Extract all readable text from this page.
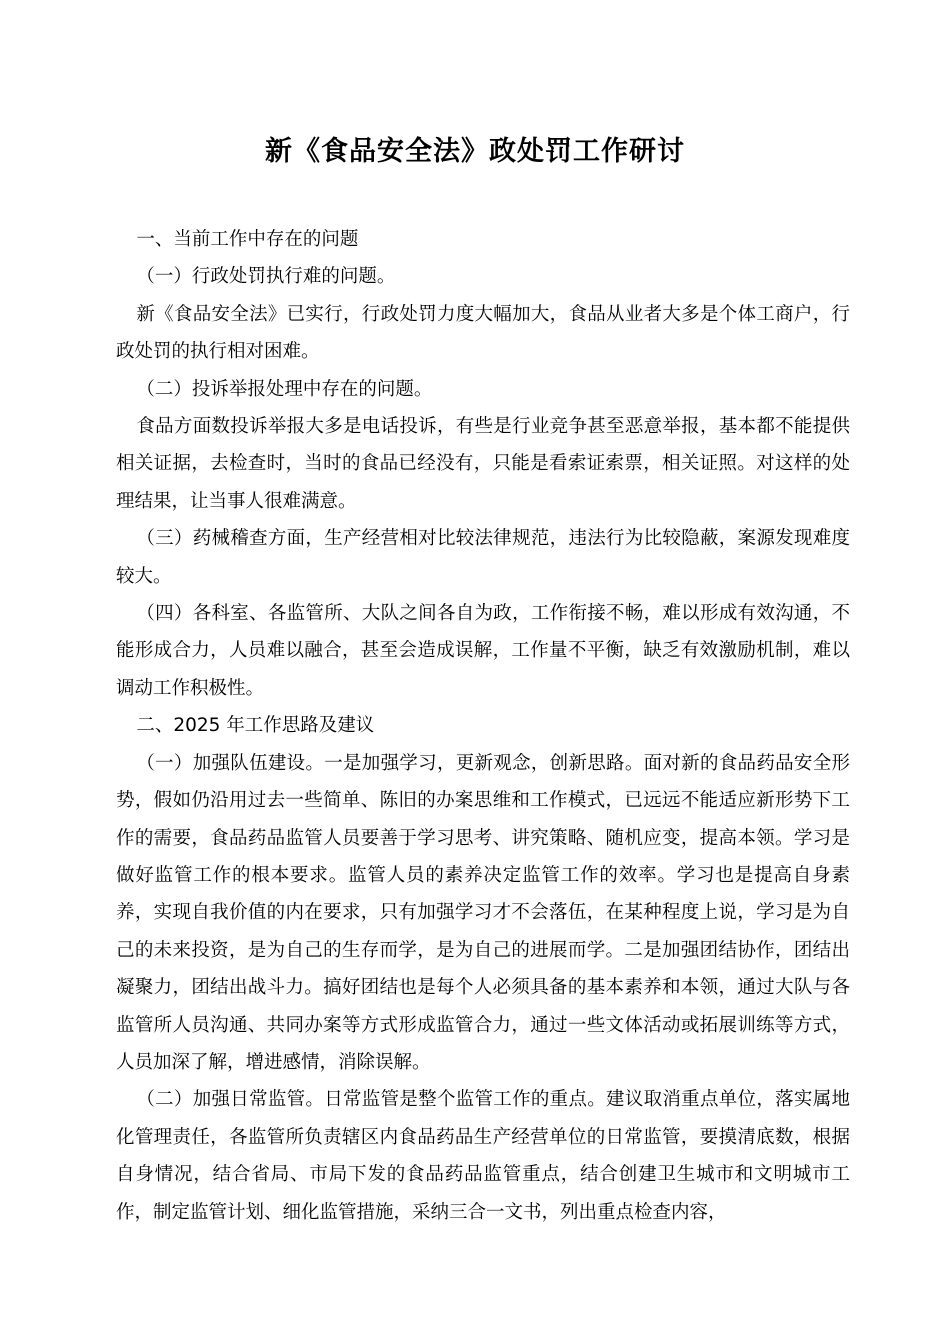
新《食品安全法》政处罚工作研讨

一、当前工作中存在的问题

（一）行政处罚执行难的问题。

新《食品安全法》已实行，行政处罚力度大幅加大，食品从业者大多是个体工商户，行政处罚的执行相对困难。

（二）投诉举报处理中存在的问题。

食品方面数投诉举报大多是电话投诉，有些是行业竞争甚至恶意举报，基本都不能提供相关证据，去检查时，当时的食品已经没有，只能是看索证索票，相关证照。对这样的处理结果，让当事人很难满意。

（三）药械稽查方面，生产经营相对比较法律规范，违法行为比较隐蔽，案源发现难度较大。

（四）各科室、各监管所、大队之间各自为政，工作衔接不畅，难以形成有效沟通，不能形成合力，人员难以融合，甚至会造成误解，工作量不平衡，缺乏有效激励机制，难以调动工作积极性。

二、2025 年工作思路及建议

（一）加强队伍建设。一是加强学习，更新观念，创新思路。面对新的食品药品安全形势，假如仍沿用过去一些简单、陈旧的办案思维和工作模式，已远远不能适应新形势下工作的需要，食品药品监管人员要善于学习思考、讲究策略、随机应变，提高本领。学习是做好监管工作的根本要求。监管人员的素养决定监管工作的效率。学习也是提高自身素养，实现自我价值的内在要求，只有加强学习才不会落伍，在某种程度上说，学习是为自己的未来投资，是为自己的生存而学，是为自己的进展而学。二是加强团结协作，团结出凝聚力，团结出战斗力。搞好团结也是每个人必须具备的基本素养和本领，通过大队与各监管所人员沟通、共同办案等方式形成监管合力，通过一些文体活动或拓展训练等方式，人员加深了解，增进感情，消除误解。

（二）加强日常监管。日常监管是整个监管工作的重点。建议取消重点单位，落实属地化管理责任，各监管所负责辖区内食品药品生产经营单位的日常监管，要摸清底数，根据自身情况，结合省局、市局下发的食品药品监管重点，结合创建卫生城市和文明城市工作，制定监管计划、细化监管措施，采纳三合一文书，列出重点检查内容，
